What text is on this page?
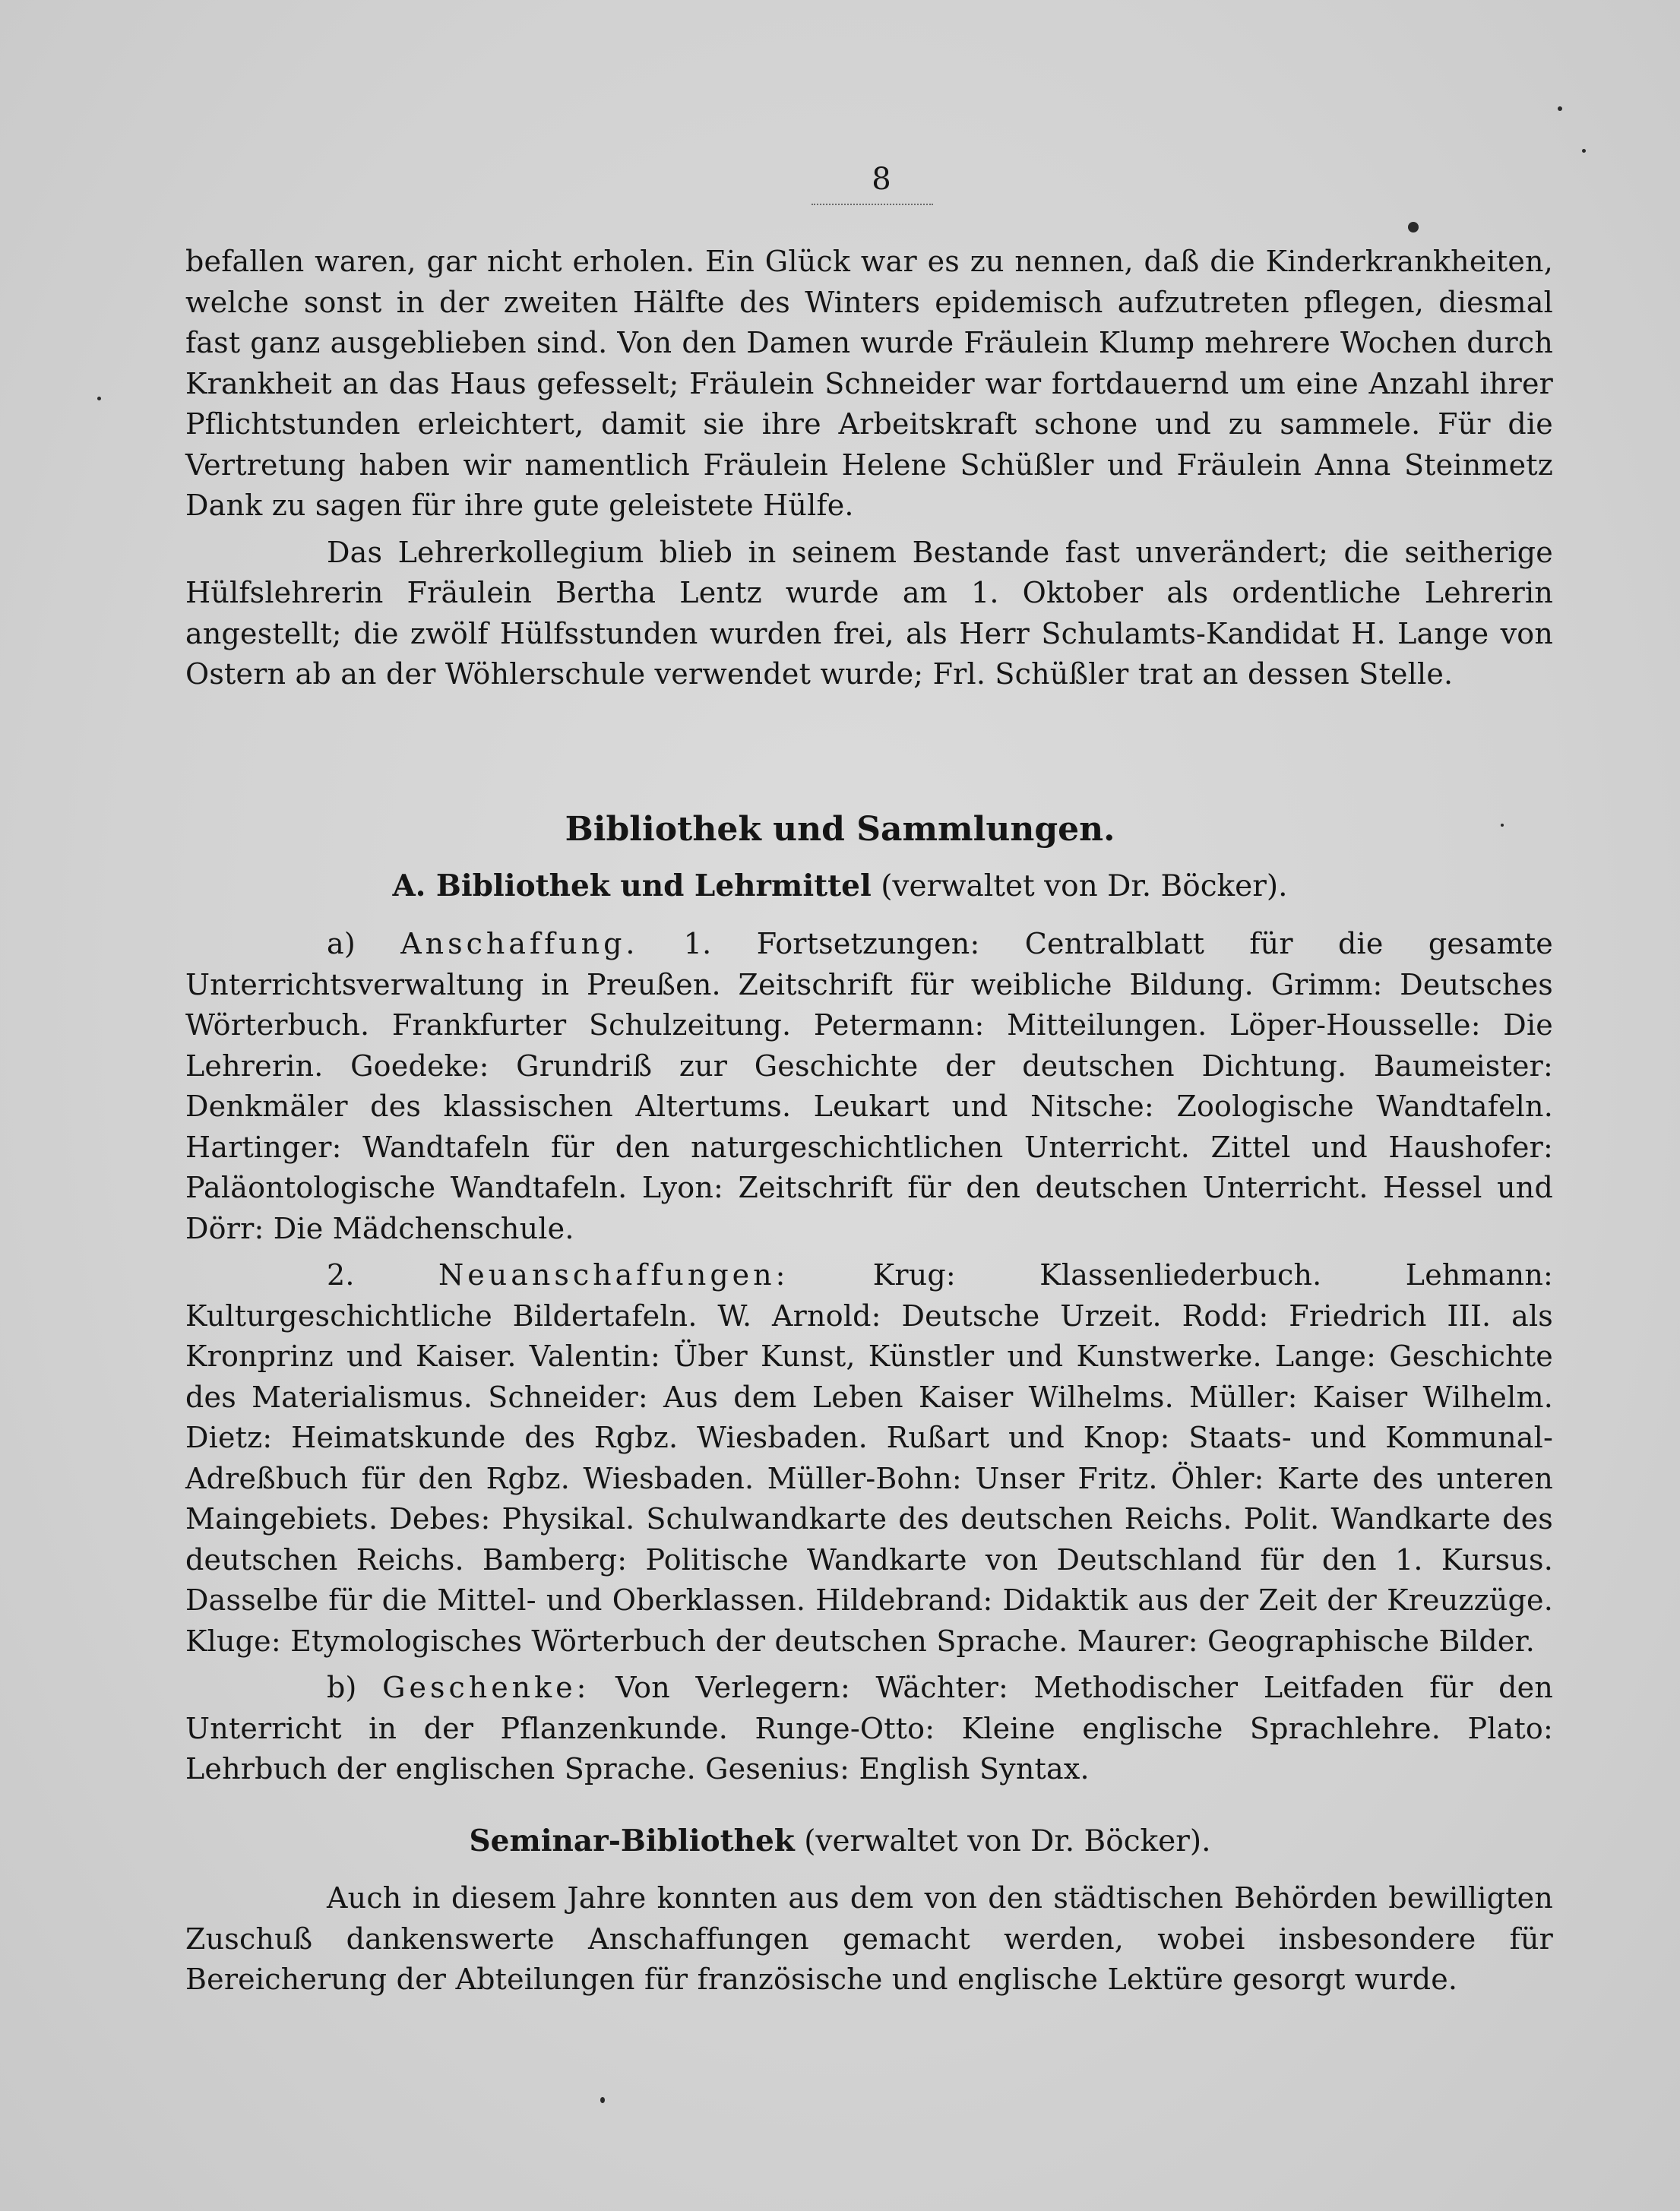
8

befallen waren, gar nicht erholen. Ein Glück war es zu nennen, daß die Kinderkrankheiten, welche sonst in der zweiten Hälfte des Winters epidemisch aufzutreten pflegen, diesmal fast ganz ausgeblieben sind. Von den Damen wurde Fräulein Klump mehrere Wochen durch Krankheit an das Haus gefesselt; Fräulein Schneider war fortdauernd um eine Anzahl ihrer Pflichtstunden erleichtert, damit sie ihre Arbeitskraft schone und zu sammele. Für die Vertretung haben wir namentlich Fräulein Helene Schüßler und Fräulein Anna Steinmetz Dank zu sagen für ihre gute geleistete Hülfe.

Das Lehrerkollegium blieb in seinem Bestande fast unverändert; die seitherige Hülfslehrerin Fräulein Bertha Lentz wurde am 1. Oktober als ordentliche Lehrerin angestellt; die zwölf Hülfsstunden wurden frei, als Herr Schulamts-Kandidat H. Lange von Ostern ab an der Wöhlerschule verwendet wurde; Frl. Schüßler trat an dessen Stelle.

Bibliothek und Sammlungen.
A. Bibliothek und Lehrmittel (verwaltet von Dr. Böcker).

a) Anschaffung. 1. Fortsetzungen: Centralblatt für die gesamte Unterrichtsverwaltung in Preußen. Zeitschrift für weibliche Bildung. Grimm: Deutsches Wörterbuch. Frankfurter Schulzeitung. Petermann: Mitteilungen. Löper-Housselle: Die Lehrerin. Goedeke: Grundriß zur Geschichte der deutschen Dichtung. Baumeister: Denkmäler des klassischen Altertums. Leukart und Nitsche: Zoologische Wandtafeln. Hartinger: Wandtafeln für den naturgeschichtlichen Unterricht. Zittel und Haushofer: Paläontologische Wandtafeln. Lyon: Zeitschrift für den deutschen Unterricht. Hessel und Dörr: Die Mädchenschule.

2.	Neuanschaffungen:	Krug: Klassenliederbuch. Lehmann: Kulturgeschichtliche Bildertafeln. W. Arnold: Deutsche Urzeit. Rodd: Friedrich III. als Kronprinz und Kaiser. Valentin: Über Kunst, Künstler und Kunstwerke. Lange: Geschichte des Materialismus. Schneider: Aus dem Leben Kaiser Wilhelms. Müller: Kaiser Wilhelm. Dietz: Heimatskunde des Rgbz. Wiesbaden. Rußart und Knop: Staats- und Kommunal-Adreßbuch für den Rgbz. Wiesbaden. Müller-Bohn: Unser Fritz. Öhler: Karte des unteren Maingebiets. Debes: Physikal. Schulwandkarte des deutschen Reichs. Polit. Wandkarte des deutschen Reichs. Bamberg: Politische Wandkarte von Deutschland für den 1. Kursus. Dasselbe für die Mittel- und Oberklassen. Hildebrand: Didaktik aus der Zeit der Kreuzzüge. Kluge: Etymologisches Wörterbuch der deutschen Sprache. Maurer: Geographische Bilder.

b) Geschenke: Von Verlegern: Wächter: Methodischer Leitfaden für den Unterricht in der Pflanzenkunde. Runge-Otto: Kleine englische Sprachlehre. Plato: Lehrbuch der englischen Sprache. Gesenius: English Syntax.

Seminar-Bibliothek (verwaltet von Dr. Böcker).

Auch in diesem Jahre konnten aus dem von den städtischen Behörden bewilligten Zuschuß dankenswerte Anschaffungen gemacht werden, wobei insbesondere für Bereicherung der Abteilungen für französische und englische Lektüre gesorgt wurde.
